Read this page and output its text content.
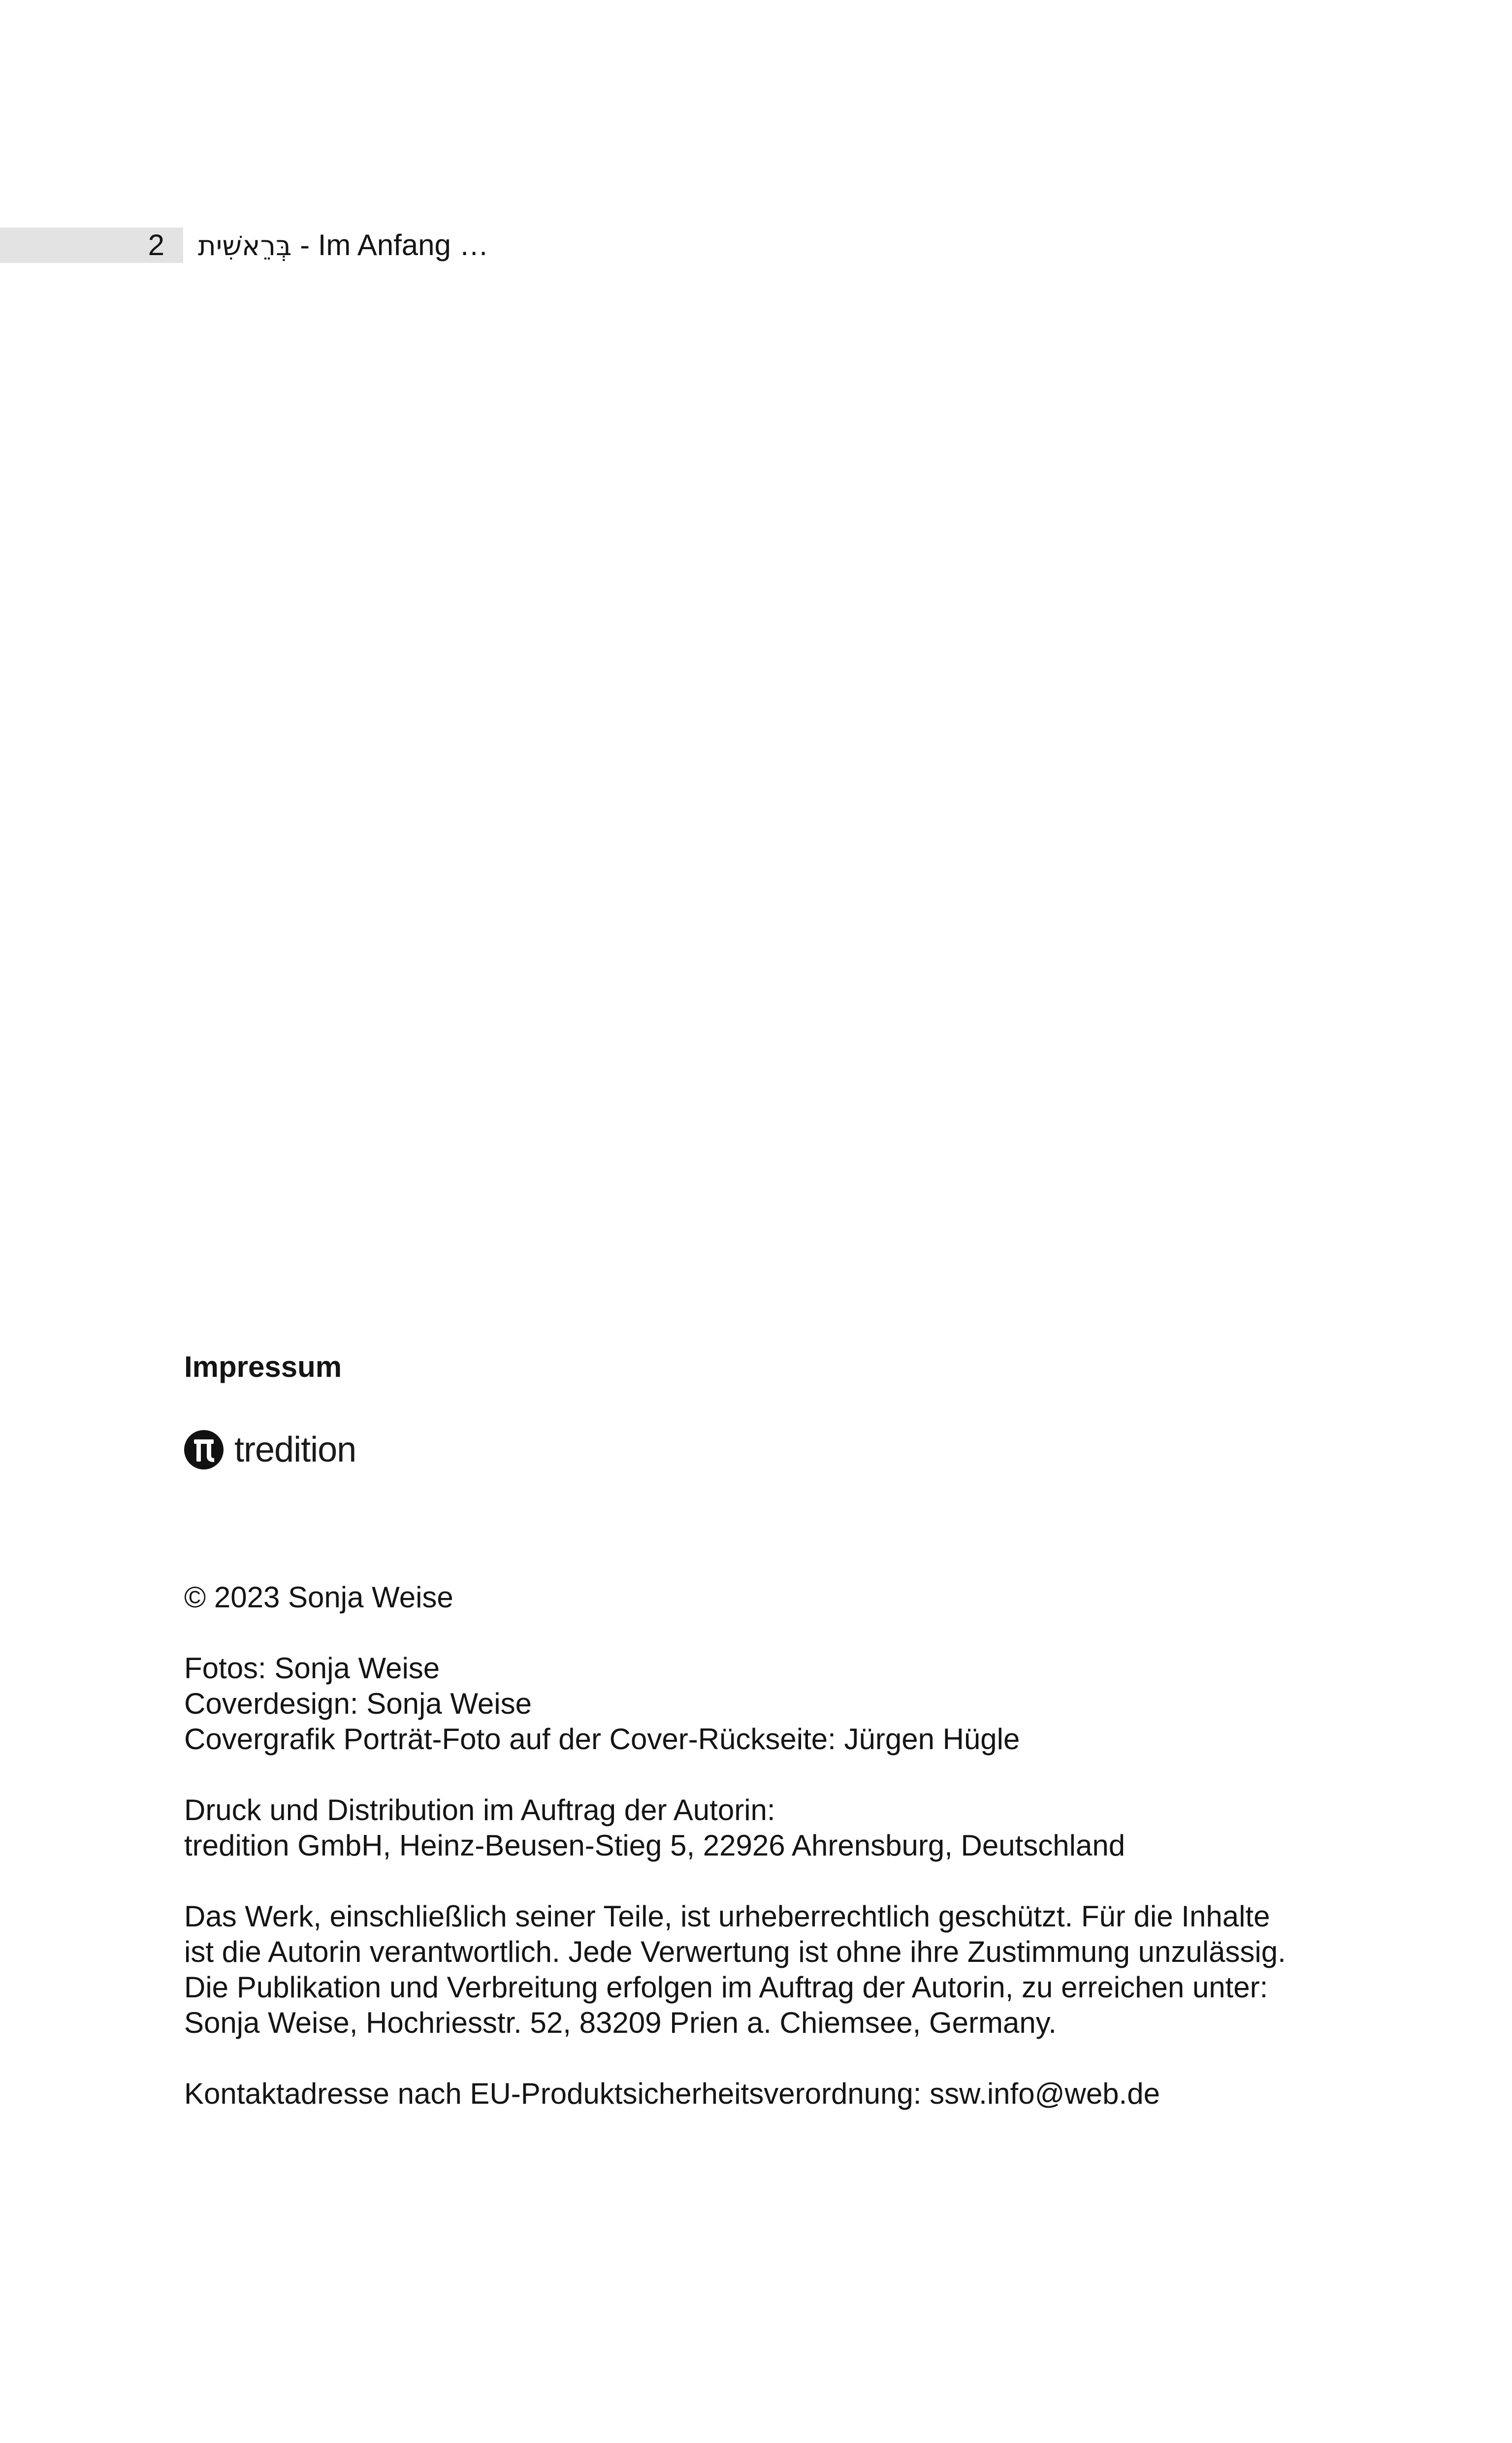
2 בְּרֵאשִׁית - Im Anfang …
Impressum
tredition
© 2023 Sonja Weise
Fotos: Sonja Weise
Coverdesign: Sonja Weise
Covergrafik Porträt-Foto auf der Cover-Rückseite: Jürgen Hügle
Druck und Distribution im Auftrag der Autorin:
tredition GmbH, Heinz-Beusen-Stieg 5, 22926 Ahrensburg, Deutschland
Das Werk, einschließlich seiner Teile, ist urheberrechtlich geschützt. Für die Inhalte
ist die Autorin verantwortlich. Jede Verwertung ist ohne ihre Zustimmung unzulässig.
Die Publikation und Verbreitung erfolgen im Auftrag der Autorin, zu erreichen unter:
Sonja Weise, Hochriesstr. 52, 83209 Prien a. Chiemsee, Germany.
Kontaktadresse nach EU-Produktsicherheitsverordnung: ssw.info@web.de
